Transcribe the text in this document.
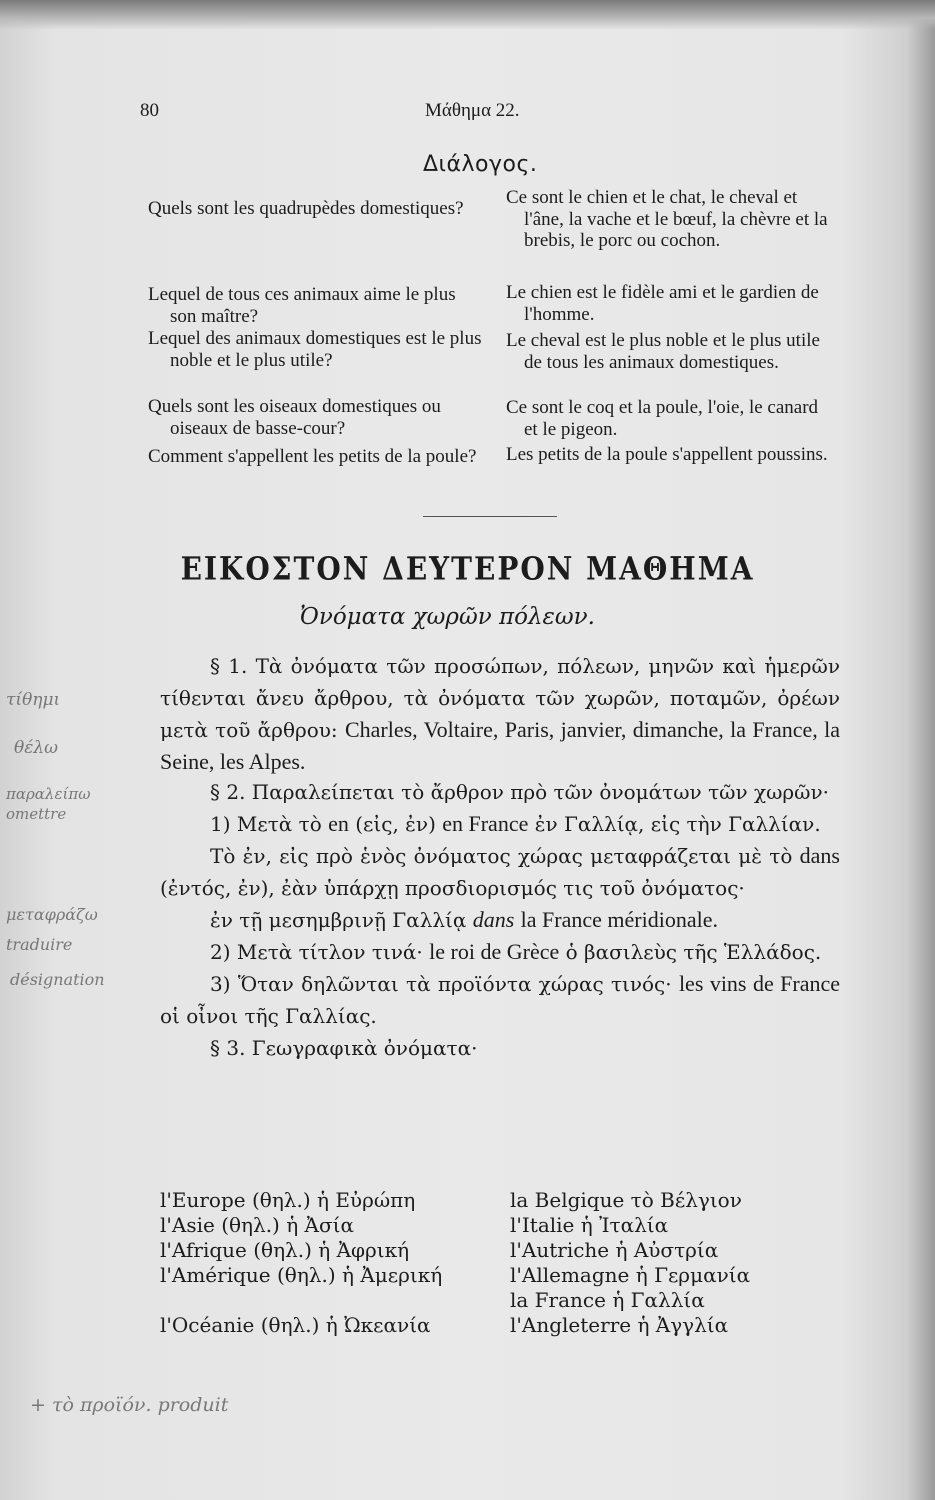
80	Μάθημα 22.
Διάλογος.
ΕΙΚΟΣΤΟΝ ΔΕΥΤΕΡΟΝ ΜΑΘΗΜΑ
Ὀνόματα χωρῶν πόλεων.

§ 1. Τὰ ὀνόματα τῶν προσώπων, πόλεων, μηνῶν καὶ ἡμερῶν τίθενται ἄνευ ἄρθρου, τὰ ὀνόματα τῶν χωρῶν, ποταμῶν, ὀρέων μετὰ τοῦ ἄρθρου: Charles, Voltaire, Paris, janvier, dimanche, la France, la Seine, les Alpes.

§ 2. Παραλείπεται τὸ ἄρθρον πρὸ τῶν ὀνομάτων τῶν χωρῶν·

1) Μετὰ τὸ en (εἰς, ἐν) en France ἐν Γαλλίᾳ, εἰς τὴν Γαλλίαν.

Τὸ ἐν, εἰς πρὸ ἑνὸς ὀνόματος χώρας μεταφράζεται μὲ τὸ dans (ἐντός, ἐν), ἐὰν ὑπάρχῃ προσδιορισμός τις τοῦ ὀνόματος·

ἐν τῇ μεσημβρινῇ Γαλλίᾳ dans la France méridionale.

2) Μετὰ τίτλον τινά· le roi de Grèce ὁ βασιλεὺς τῆς Ἑλλάδος.

3) Ὅταν δηλῶνται τὰ προϊόντα χώρας τινός· les vins de France οἱ οἶνοι τῆς Γαλλίας.

§ 3. Γεωγραφικὰ ὀνόματα·

l'Europe (θηλ.) ἡ Εὐρώπη
l'Asie (θηλ.) ἡ Ἀσία
l'Afrique (θηλ.) ἡ Ἀφρική
l'Amérique (θηλ.) ἡ Ἀμερική
l'Océanie (θηλ.) ἡ Ὠκεανία
la Belgique τὸ Βέλγιον
l'Italie ἡ Ἰταλία
l'Autriche ἡ Αὐστρία
l'Allemagne ἡ Γερμανία
la France ἡ Γαλλία
l'Angleterre ἡ Ἀγγλία
τίθημι
θέλω
παραλείπω omettre
μεταφράζω traduire
désignation
+ τὸ προϊόν. produit
Quels sont les quadrupèdes domestiques?
Lequel de tous ces animaux aime le plus son maître?
Lequel des animaux domestiques est le plus noble et le plus utile?
Quels sont les oiseaux domestiques ou oiseaux de basse-cour?
Comment s'appellent les petits de la poule?
Ce sont le chien et le chat, le cheval et l'âne, la vache et le bœuf, la chèvre et la brebis, le porc ou cochon.
Le chien est le fidèle ami et le gardien de l'homme.
Le cheval est le plus noble et le plus utile de tous les animaux domestiques.
Ce sont le coq et la poule, l'oie, le canard et le pigeon.
Les petits de la poule s'appellent poussins.
